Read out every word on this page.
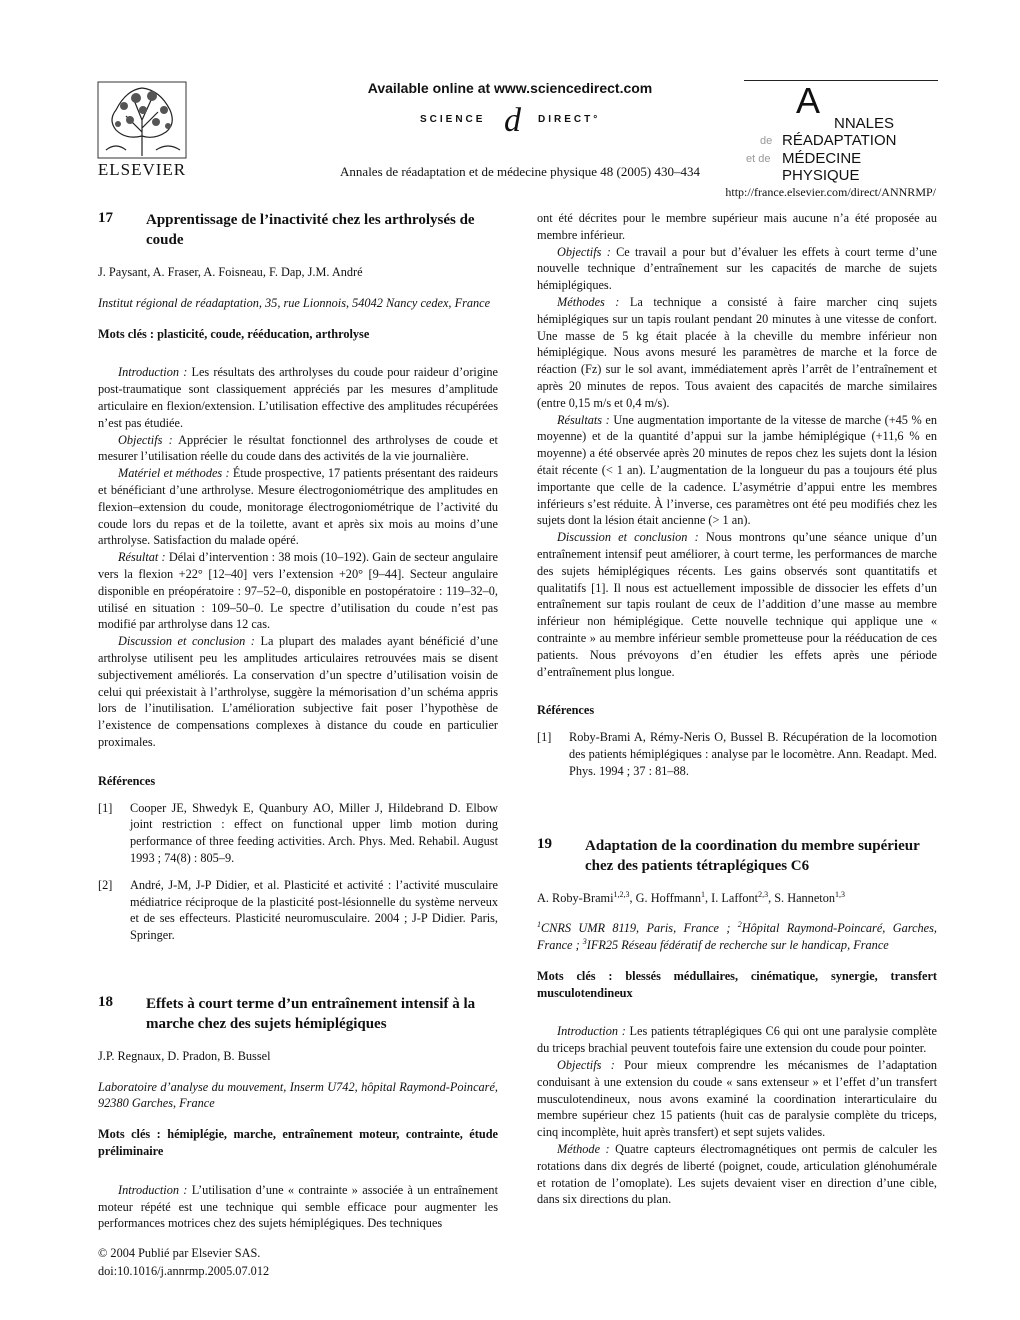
ELSEVIER
Available online at www.sciencedirect.com
SCIENCE d DIRECT°
Annales de réadaptation et de médecine physique 48 (2005) 430–434
http://france.elsevier.com/direct/ANNRMP/
A
NNALES
de RÉADAPTATION
et de MÉDECINE PHYSIQUE
17	Apprentissage de l’inactivité chez les arthrolysés de coude
J. Paysant, A. Fraser, A. Foisneau, F. Dap, J.M. André
Institut régional de réadaptation, 35, rue Lionnois, 54042 Nancy cedex, France
Mots clés : plasticité, coude, rééducation, arthrolyse

Introduction : Les résultats des arthrolyses du coude pour raideur d’origine post-traumatique sont classiquement appréciés par les mesures d’amplitude articulaire en flexion/extension. L’utilisation effective des amplitudes récupérées n’est pas étudiée.

Objectifs : Apprécier le résultat fonctionnel des arthrolyses de coude et mesurer l’utilisation réelle du coude dans des activités de la vie journalière.

Matériel et méthodes : Étude prospective, 17 patients présentant des raideurs et bénéficiant d’une arthrolyse. Mesure électrogoniométrique des amplitudes en flexion–extension du coude, monitorage électrogoniométrique de l’activité du coude lors du repas et de la toilette, avant et après six mois au moins d’une arthrolyse. Satisfaction du malade opéré.

Résultat : Délai d’intervention : 38 mois (10–192). Gain de secteur angulaire vers la flexion +22° [12–40] vers l’extension +20° [9–44]. Secteur angulaire disponible en préopératoire : 97–52–0, disponible en postopératoire : 119–32–0, utilisé en situation : 109–50–0. Le spectre d’utilisation du coude n’est pas modifié par arthrolyse dans 12 cas.

Discussion et conclusion : La plupart des malades ayant bénéficié d’une arthrolyse utilisent peu les amplitudes articulaires retrouvées mais se disent subjectivement améliorés. La conservation d’un spectre d’utilisation voisin de celui qui préexistait à l’arthrolyse, suggère la mémorisation d’un schéma appris lors de l’inutilisation. L’amélioration subjective fait poser l’hypothèse de l’existence de compensations complexes à distance du coude en particulier proximales.

Références
[1]	Cooper JE, Shwedyk E, Quanbury AO, Miller J, Hildebrand D. Elbow joint restriction : effect on functional upper limb motion during performance of three feeding activities. Arch. Phys. Med. Rehabil. August 1993 ; 74(8) : 805–9.
[2]	André, J-M, J-P Didier, et al. Plasticité et activité : l’activité musculaire médiatrice réciproque de la plasticité post-lésionnelle du système nerveux et de ses effecteurs. Plasticité neuromusculaire. 2004 ; J-P Didier. Paris, Springer.
18	Effets à court terme d’un entraînement intensif à la marche chez des sujets hémiplégiques
J.P. Regnaux, D. Pradon, B. Bussel
Laboratoire d’analyse du mouvement, Inserm U742, hôpital Raymond-Poincaré, 92380 Garches, France
Mots clés : hémiplégie, marche, entraînement moteur, contrainte, étude préliminaire

Introduction : L’utilisation d’une « contrainte » associée à un entraînement moteur répété est une technique qui semble efficace pour augmenter les performances motrices chez des sujets hémiplégiques. Des techniques

ont été décrites pour le membre supérieur mais aucune n’a été proposée au membre inférieur.

Objectifs : Ce travail a pour but d’évaluer les effets à court terme d’une nouvelle technique d’entraînement sur les capacités de marche de sujets hémiplégiques.

Méthodes : La technique a consisté à faire marcher cinq sujets hémiplégiques sur un tapis roulant pendant 20 minutes à une vitesse de confort. Une masse de 5 kg était placée à la cheville du membre inférieur non hémiplégique. Nous avons mesuré les paramètres de marche et la force de réaction (Fz) sur le sol avant, immédiatement après l’arrêt de l’entraînement et après 20 minutes de repos. Tous avaient des capacités de marche similaires (entre 0,15 m/s et 0,4 m/s).

Résultats : Une augmentation importante de la vitesse de marche (+45 % en moyenne) et de la quantité d’appui sur la jambe hémiplégique (+11,6 % en moyenne) a été observée après 20 minutes de repos chez les sujets dont la lésion était récente (< 1 an). L’augmentation de la longueur du pas a toujours été plus importante que celle de la cadence. L’asymétrie d’appui entre les membres inférieurs s’est réduite. À l’inverse, ces paramètres ont été peu modifiés chez les sujets dont la lésion était ancienne (> 1 an).

Discussion et conclusion : Nous montrons qu’une séance unique d’un entraînement intensif peut améliorer, à court terme, les performances de marche des sujets hémiplégiques récents. Les gains observés sont quantitatifs et qualitatifs [1]. Il nous est actuellement impossible de dissocier les effets d’un entraînement sur tapis roulant de ceux de l’addition d’une masse au membre inférieur non hémiplégique. Cette nouvelle technique qui applique une « contrainte » au membre inférieur semble prometteuse pour la rééducation de ces patients. Nous prévoyons d’en étudier les effets après une période d’entraînement plus longue.

Références
[1]	Roby-Brami A, Rémy-Neris O, Bussel B. Récupération de la locomotion des patients hémiplégiques : analyse par le locomètre. Ann. Readapt. Med. Phys. 1994 ; 37 : 81–88.
19	Adaptation de la coordination du membre supérieur chez des patients tétraplégiques C6
A. Roby-Brami$^{1,2,3}$, G. Hoffmann$^1$, I. Laffont$^{2,3}$, S. Hanneton$^{1,3}$
$^1$CNRS UMR 8119, Paris, France ; $^2$Hôpital Raymond-Poincaré, Garches, France ; $^3$IFR25 Réseau fédératif de recherche sur le handicap, France
Mots clés : blessés médullaires, cinématique, synergie, transfert musculotendineux

Introduction : Les patients tétraplégiques C6 qui ont une paralysie complète du triceps brachial peuvent toutefois faire une extension du coude pour pointer.

Objectifs : Pour mieux comprendre les mécanismes de l’adaptation conduisant à une extension du coude « sans extenseur » et l’effet d’un transfert musculotendineux, nous avons examiné la coordination interarticulaire du membre supérieur chez 15 patients (huit cas de paralysie complète du triceps, cinq incomplète, huit après transfert) et sept sujets valides.

Méthode : Quatre capteurs électromagnétiques ont permis de calculer les rotations dans dix degrés de liberté (poignet, coude, articulation glénohumérale et rotation de l’omoplate). Les sujets devaient viser en direction d’une cible, dans six directions du plan.

© 2004 Publié par Elsevier SAS.
doi:10.1016/j.annrmp.2005.07.012
